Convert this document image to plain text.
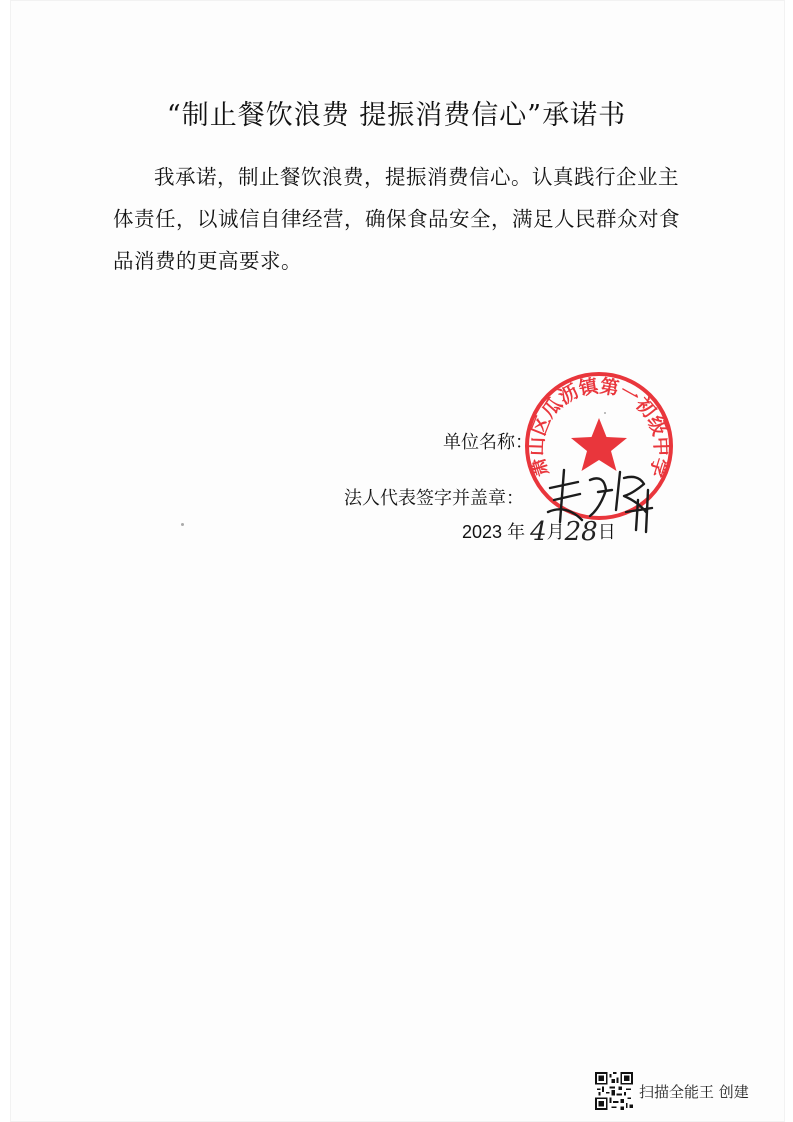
“制止餐饮浪费 提振消费信心”承诺书
我承诺，制止餐饮浪费，提振消费信心。认真践行企业主体责任，以诚信自律经营，确保食品安全，满足人民群众对食品消费的更高要求。
单位名称：
法人代表签字并盖章：
2023 年 4月28日
萧山区瓜沥镇第一初级中学
扫描全能王 创建
